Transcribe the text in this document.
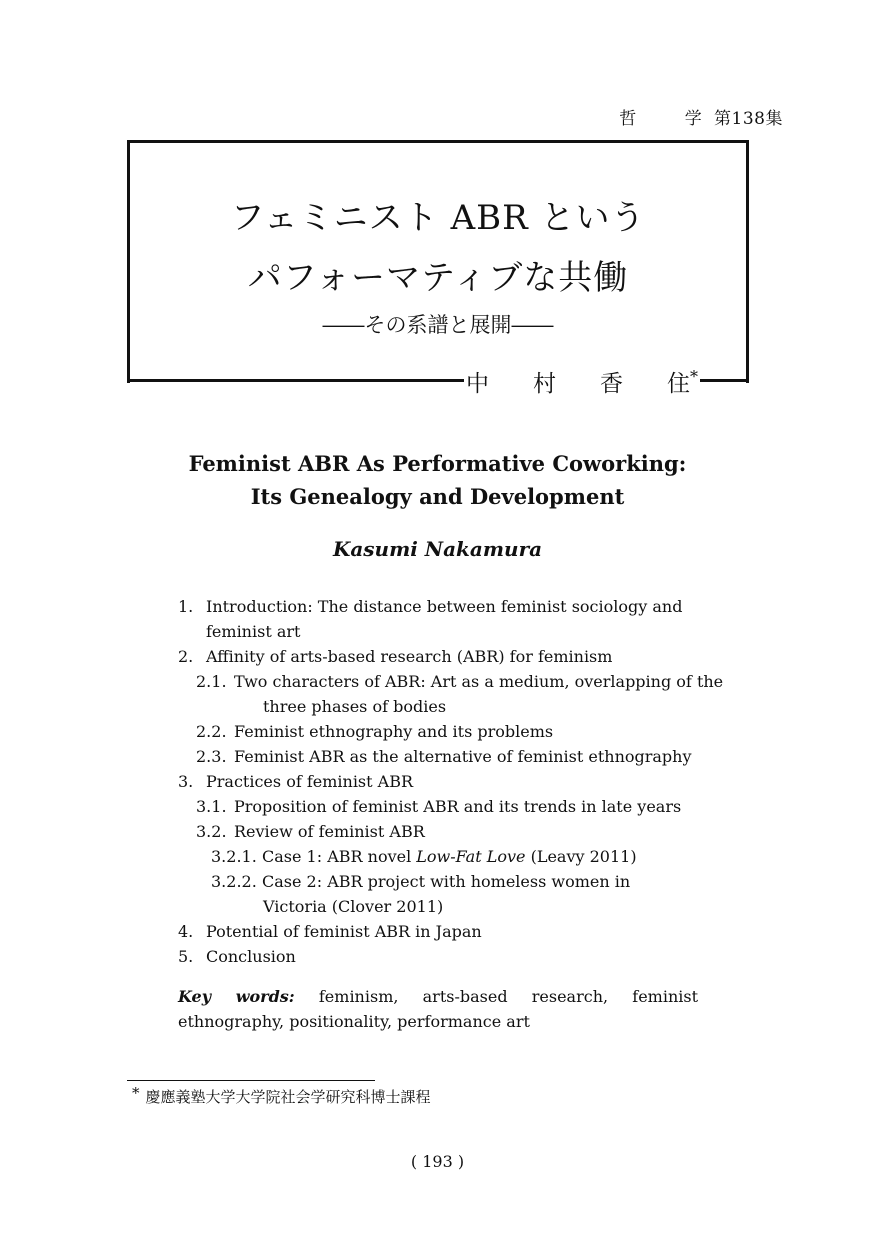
哲	学 第138集
フェミニスト ABR という
パフォーマティブな共働
――その系譜と展開――
中 村 香 住*
Feminist ABR As Performative Coworking:
Its Genealogy and Development
Kasumi Nakamura
1. Introduction: The distance between feminist sociology and
feminist art
2. Affinity of arts-based research (ABR) for feminism
2.1. Two characters of ABR: Art as a medium, overlapping of the
three phases of bodies
2.2. Feminist ethnography and its problems
2.3. Feminist ABR as the alternative of feminist ethnography
3. Practices of feminist ABR
3.1. Proposition of feminist ABR and its trends in late years
3.2. Review of feminist ABR
3.2.1. Case 1: ABR novel Low-Fat Love (Leavy 2011)
3.2.2. Case 2: ABR project with homeless women in
Victoria (Clover 2011)
4. Potential of feminist ABR in Japan
5. Conclusion
Key words: feminism, arts-based research, feminist ethnography, positionality, performance art
* 慶應義塾大学大学院社会学研究科博士課程
( 193 )
